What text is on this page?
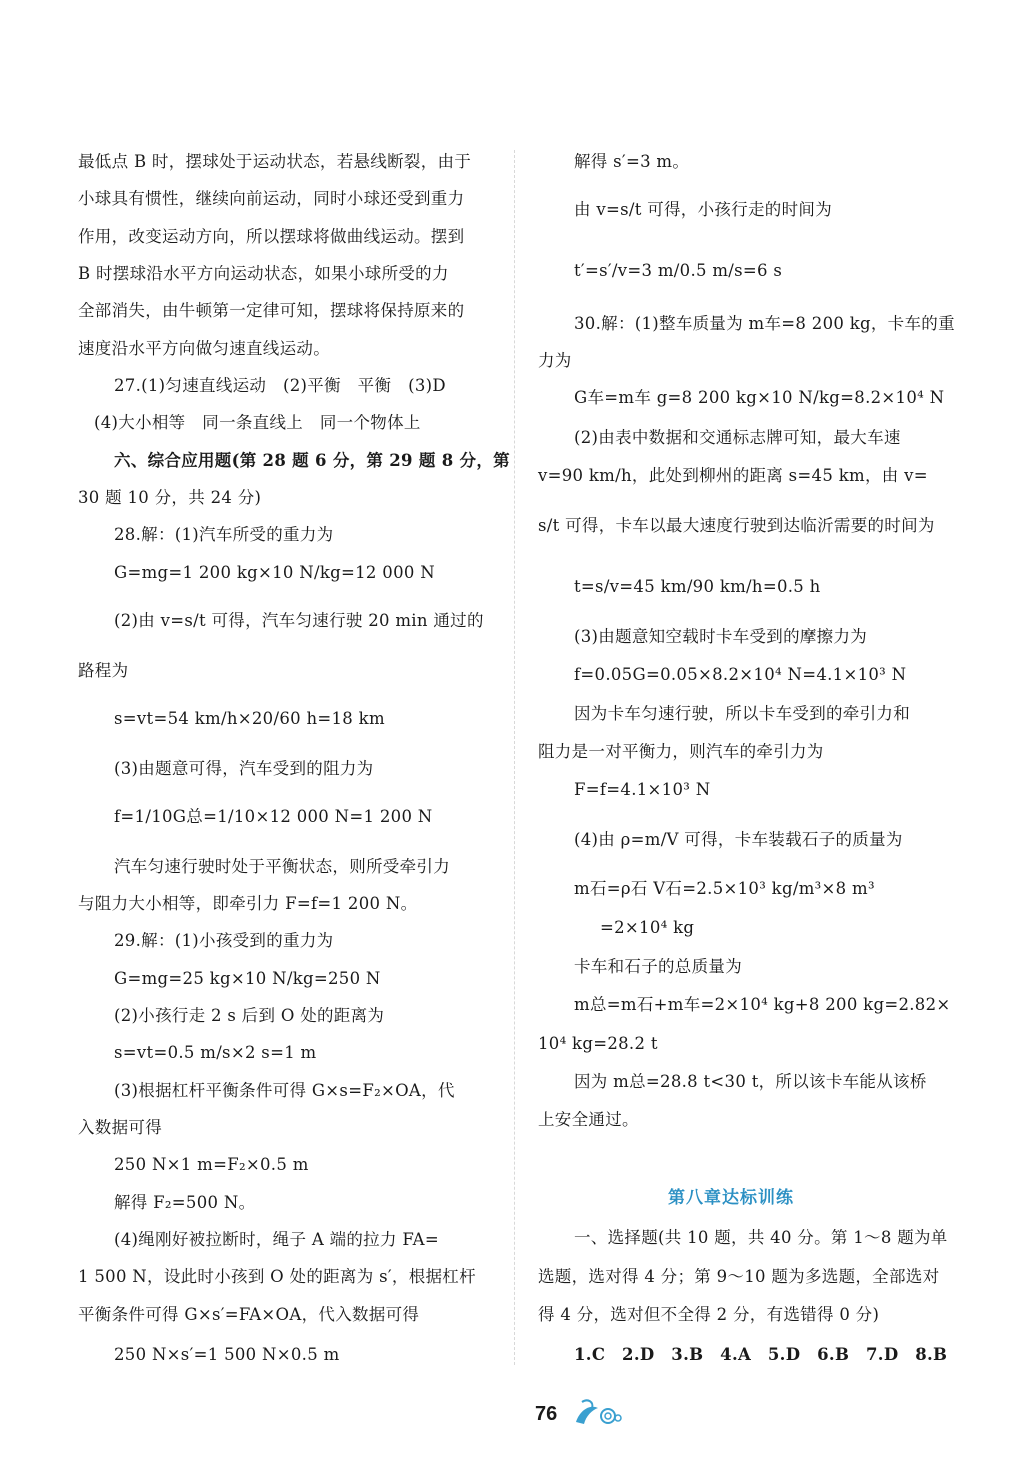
最低点 B 时，摆球处于运动状态，若悬线断裂，由于
小球具有惯性，继续向前运动，同时小球还受到重力
作用，改变运动方向，所以摆球将做曲线运动。摆到
B 时摆球沿水平方向运动状态，如果小球所受的力
全部消失，由牛顿第一定律可知，摆球将保持原来的
速度沿水平方向做匀速直线运动。
27.(1)匀速直线运动　(2)平衡　平衡　(3)D
(4)大小相等　同一条直线上　同一个物体上
六、综合应用题(第 28 题 6 分，第 29 题 8 分，第
30 题 10 分，共 24 分)
28.解：(1)汽车所受的重力为
G=mg=1 200 kg×10 N/kg=12 000 N
(2)由 v=s/t 可得，汽车匀速行驶 20 min 通过的
路程为
s=vt=54 km/h×20/60 h=18 km
(3)由题意可得，汽车受到的阻力为
f=1/10G总=1/10×12 000 N=1 200 N
汽车匀速行驶时处于平衡状态，则所受牵引力
与阻力大小相等，即牵引力 F=f=1 200 N。
29.解：(1)小孩受到的重力为
G=mg=25 kg×10 N/kg=250 N
(2)小孩行走 2 s 后到 O 处的距离为
s=vt=0.5 m/s×2 s=1 m
(3)根据杠杆平衡条件可得 G×s=F₂×OA，代
入数据可得
250 N×1 m=F₂×0.5 m
解得 F₂=500 N。
(4)绳刚好被拉断时，绳子 A 端的拉力 FA=
1 500 N，设此时小孩到 O 处的距离为 s′，根据杠杆
平衡条件可得 G×s′=FA×OA，代入数据可得
250 N×s′=1 500 N×0.5 m
解得 s′=3 m。
由 v=s/t 可得，小孩行走的时间为
t′=s′/v=3 m/0.5 m/s=6 s
30.解：(1)整车质量为 m车=8 200 kg，卡车的重
力为
G车=m车 g=8 200 kg×10 N/kg=8.2×10⁴ N
(2)由表中数据和交通标志牌可知，最大车速
v=90 km/h，此处到柳州的距离 s=45 km，由 v=
s/t 可得，卡车以最大速度行驶到达临沂需要的时间为
t=s/v=45 km/90 km/h=0.5 h
(3)由题意知空载时卡车受到的摩擦力为
f=0.05G=0.05×8.2×10⁴ N=4.1×10³ N
因为卡车匀速行驶，所以卡车受到的牵引力和
阻力是一对平衡力，则汽车的牵引力为
F=f=4.1×10³ N
(4)由 ρ=m/V 可得，卡车装载石子的质量为
m石=ρ石 V石=2.5×10³ kg/m³×8 m³
=2×10⁴ kg
卡车和石子的总质量为
m总=m石+m车=2×10⁴ kg+8 200 kg=2.82×
10⁴ kg=28.2 t
因为 m总=28.8 t<30 t，所以该卡车能从该桥
上安全通过。
第八章达标训练
一、选择题(共 10 题，共 40 分。第 1～8 题为单
选题，选对得 4 分；第 9～10 题为多选题，全部选对
得 4 分，选对但不全得 2 分，有选错得 0 分)
1.C　2.D　3.B　4.A　5.D　6.B　7.D　8.B
76
